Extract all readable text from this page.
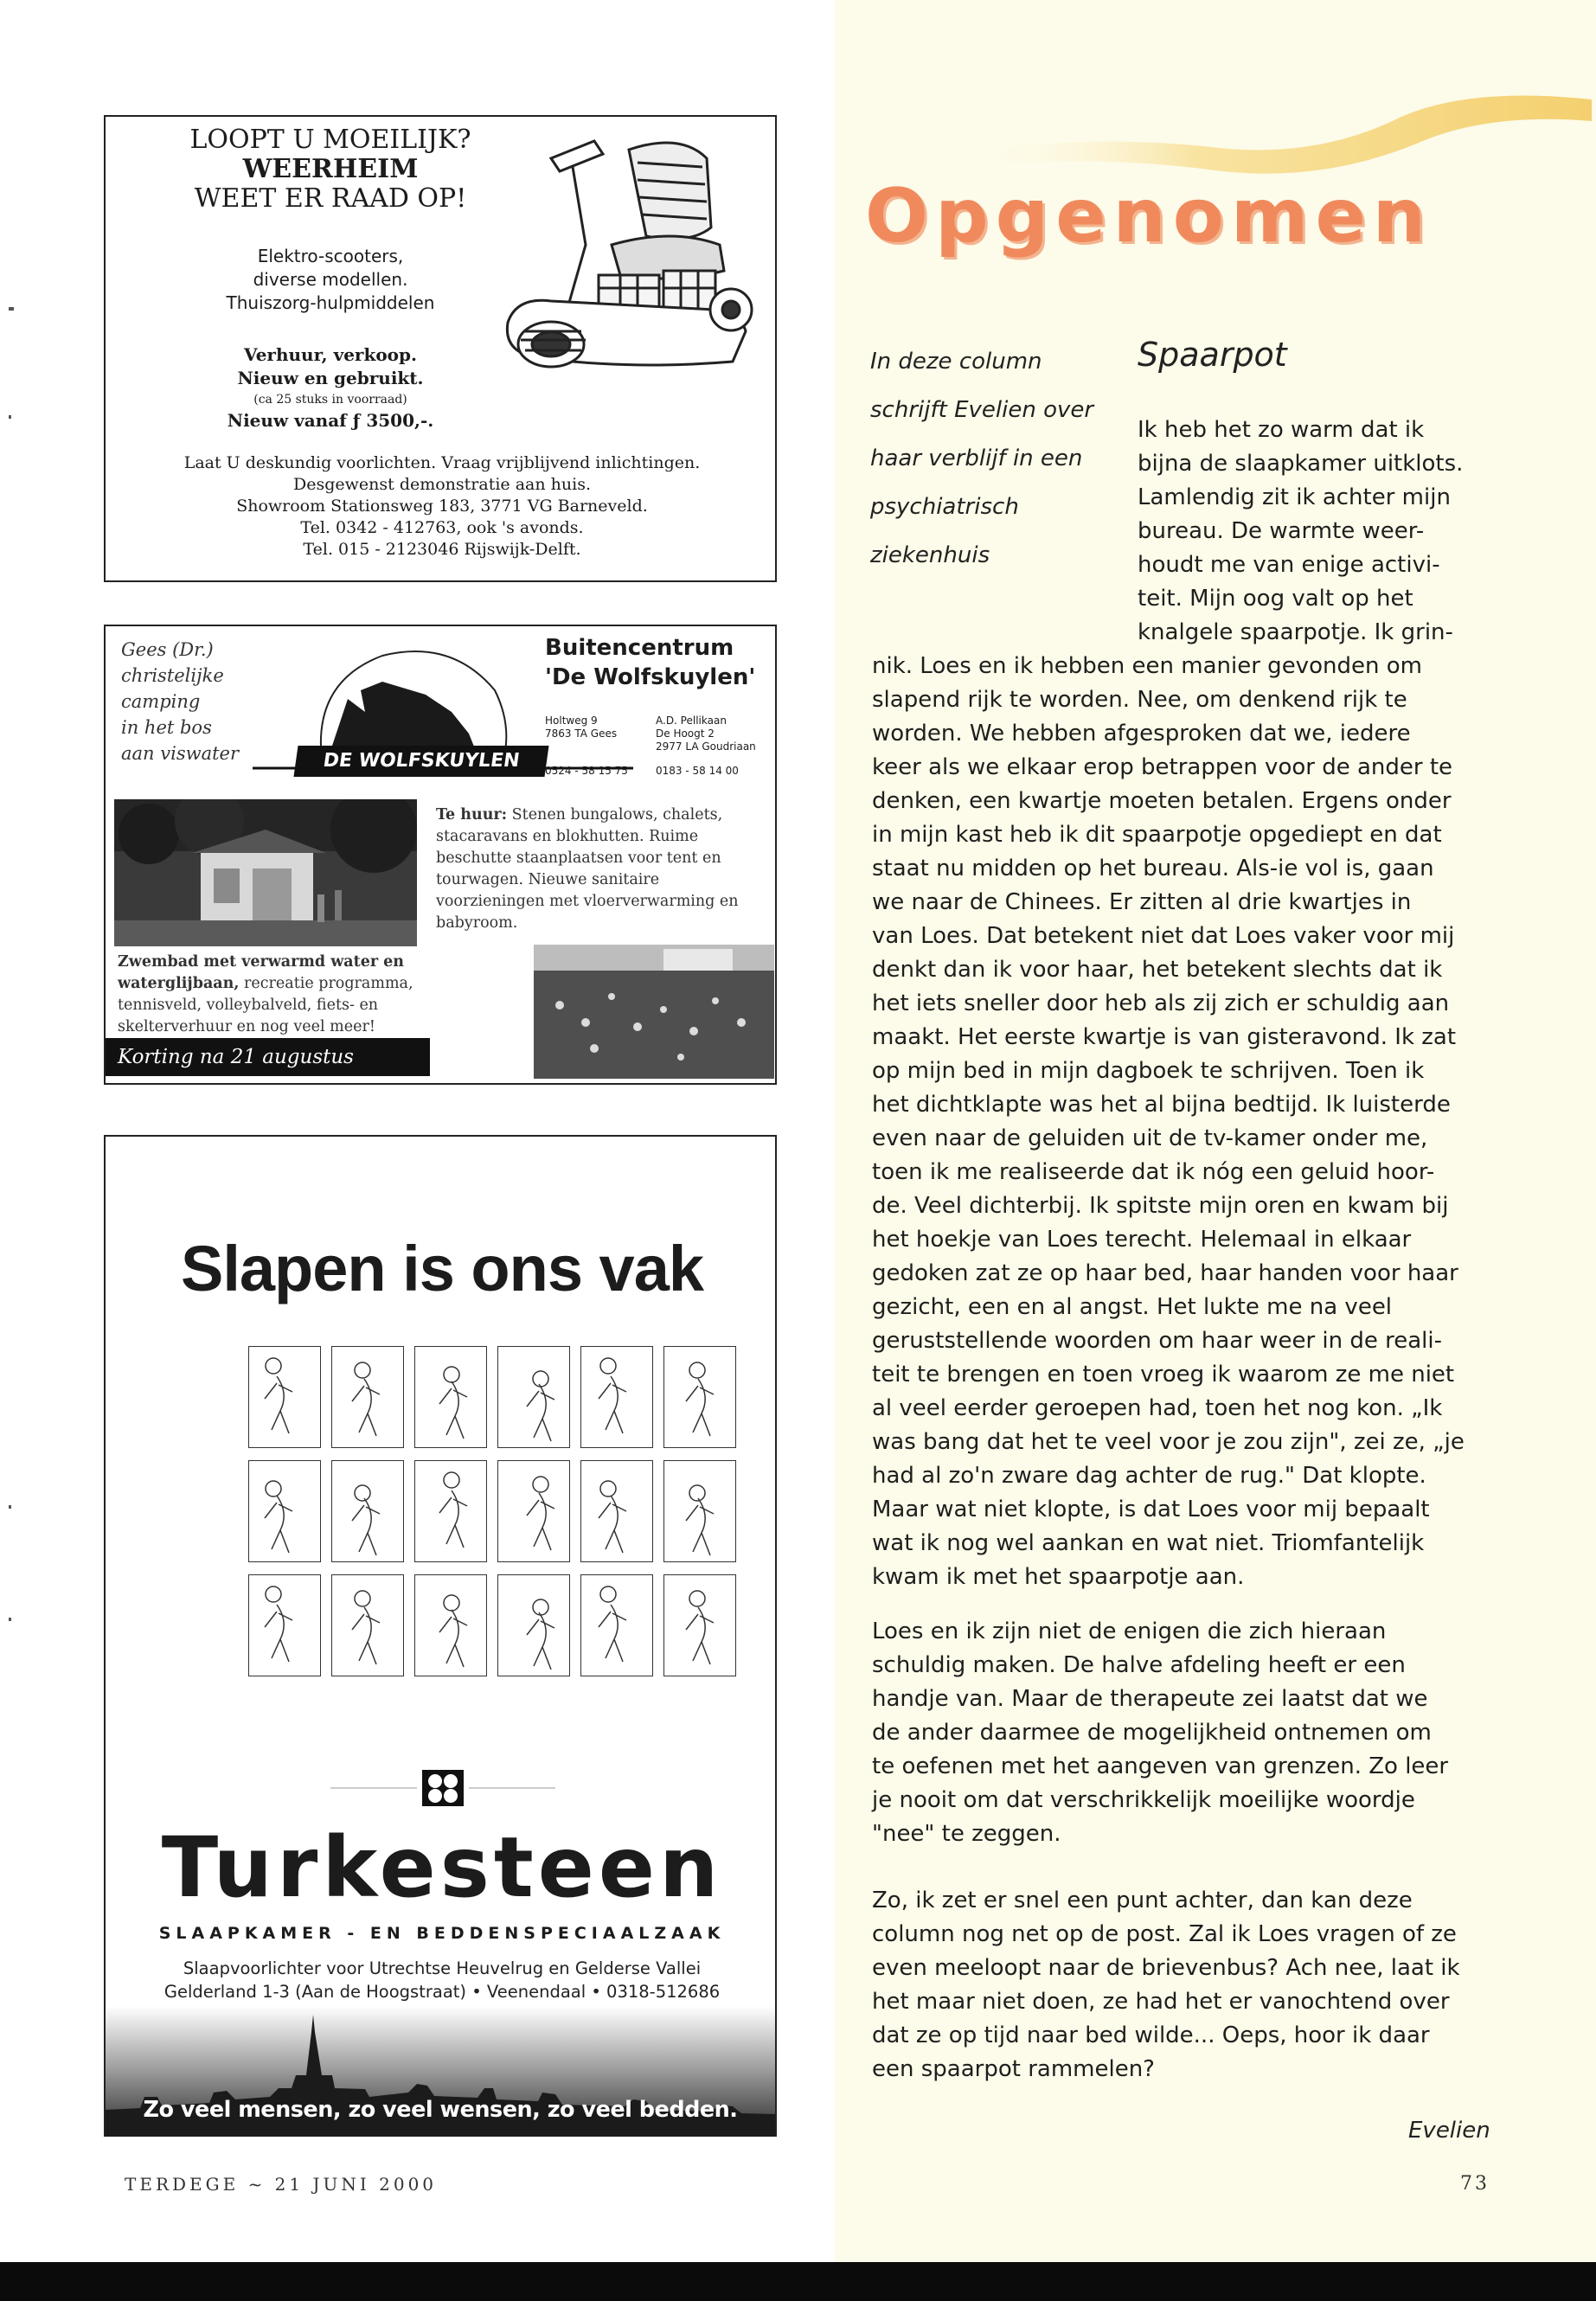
LOOPT U MOEILIJK?
WEERHEIM
WEET ER RAAD OP!
Elektro-scooters,
diverse modellen.
Thuiszorg-hulpmiddelen
Verhuur, verkoop.
Nieuw en gebruikt.
(ca 25 stuks in voorraad)
Nieuw vanaf ƒ 3500,-.
Laat U deskundig voorlichten. Vraag vrijblijvend inlichtingen.
Desgewenst demonstratie aan huis.
Showroom Stationsweg 183, 3771 VG Barneveld.
Tel. 0342 - 412763, ook 's avonds.
Tel. 015 - 2123046 Rijswijk-Delft.
Gees (Dr.)
christelijke
camping
in het bos
aan viswater	DE WOLFSKUYLEN
Buitencentrum
'De Wolfskuylen'
Holtweg 9
7863 TA Gees
A.D. Pellikaan
De Hoogt 2
2977 LA Goudriaan
0524 - 58 15 75	0183 - 58 14 00
Te huur: Stenen bungalows, chalets, stacaravans en blokhutten. Ruime beschutte staanplaatsen voor tent en tourwagen. Nieuwe sanitaire voorzieningen met vloerverwarming en babyroom.
Zwembad met verwarmd water en waterglijbaan, recreatie programma, tennisveld, volleybalveld, fiets- en skelterverhuur en nog veel meer!
Korting na 21 augustus
Slapen is ons vak
Turkesteen
SLAAPKAMER - EN BEDDENSPECIAALZAAK
Slaapvoorlichter voor Utrechtse Heuvelrug en Gelderse Vallei
Gelderland 1-3 (Aan de Hoogstraat) • Veenendaal • 0318-512686
Zo veel mensen, zo veel wensen, zo veel bedden.
TERDEGE ~ 21 JUNI 2000	73
Opgenomen
In deze column
schrijft Evelien over
haar verblijf in een
psychiatrisch
ziekenhuis
Spaarpot
Ik heb het zo warm dat ik
bijna de slaapkamer uitklots.
Lamlendig zit ik achter mijn
bureau. De warmte weer-
houdt me van enige activi-
teit. Mijn oog valt op het
knalgele spaarpotje. Ik grin-
nik. Loes en ik hebben een manier gevonden om
slapend rijk te worden. Nee, om denkend rijk te
worden. We hebben afgesproken dat we, iedere
keer als we elkaar erop betrappen voor de ander te
denken, een kwartje moeten betalen. Ergens onder
in mijn kast heb ik dit spaarpotje opgediept en dat
staat nu midden op het bureau. Als-ie vol is, gaan
we naar de Chinees. Er zitten al drie kwartjes in
van Loes. Dat betekent niet dat Loes vaker voor mij
denkt dan ik voor haar, het betekent slechts dat ik
het iets sneller door heb als zij zich er schuldig aan
maakt. Het eerste kwartje is van gisteravond. Ik zat
op mijn bed in mijn dagboek te schrijven. Toen ik
het dichtklapte was het al bijna bedtijd. Ik luisterde
even naar de geluiden uit de tv-kamer onder me,
toen ik me realiseerde dat ik nóg een geluid hoor-
de. Veel dichterbij. Ik spitste mijn oren en kwam bij
het hoekje van Loes terecht. Helemaal in elkaar
gedoken zat ze op haar bed, haar handen voor haar
gezicht, een en al angst. Het lukte me na veel
geruststellende woorden om haar weer in de reali-
teit te brengen en toen vroeg ik waarom ze me niet
al veel eerder geroepen had, toen het nog kon. „Ik
was bang dat het te veel voor je zou zijn", zei ze, „je
had al zo'n zware dag achter de rug." Dat klopte.
Maar wat niet klopte, is dat Loes voor mij bepaalt
wat ik nog wel aankan en wat niet. Triomfantelijk
kwam ik met het spaarpotje aan.
Loes en ik zijn niet de enigen die zich hieraan
schuldig maken. De halve afdeling heeft er een
handje van. Maar de therapeute zei laatst dat we
de ander daarmee de mogelijkheid ontnemen om
te oefenen met het aangeven van grenzen. Zo leer
je nooit om dat verschrikkelijk moeilijke woordje
"nee" te zeggen.
Zo, ik zet er snel een punt achter, dan kan deze
column nog net op de post. Zal ik Loes vragen of ze
even meeloopt naar de brievenbus? Ach nee, laat ik
het maar niet doen, ze had het er vanochtend over
dat ze op tijd naar bed wilde... Oeps, hoor ik daar
een spaarpot rammelen?
Evelien
